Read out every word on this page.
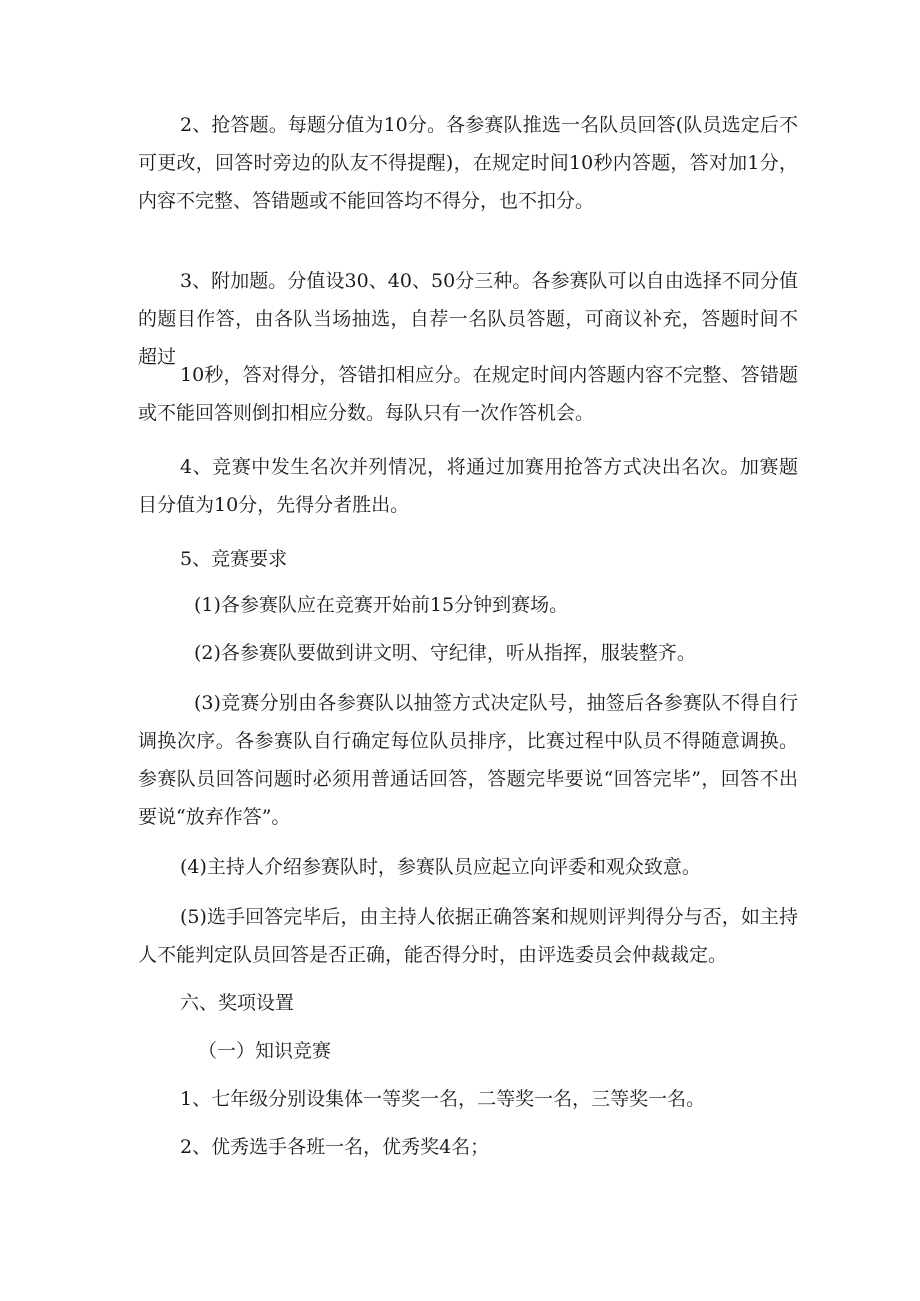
2、抢答题。每题分值为10分。各参赛队推选一名队员回答(队员选定后不可更改，回答时旁边的队友不得提醒)，在规定时间10秒内答题，答对加1分，内容不完整、答错题或不能回答均不得分，也不扣分。

3、附加题。分值设30、40、50分三种。各参赛队可以自由选择不同分值的题目作答，由各队当场抽选，自荐一名队员答题，可商议补充，答题时间不超过

10秒，答对得分，答错扣相应分。在规定时间内答题内容不完整、答错题或不能回答则倒扣相应分数。每队只有一次作答机会。

4、竞赛中发生名次并列情况，将通过加赛用抢答方式决出名次。加赛题目分值为10分，先得分者胜出。

5、竞赛要求

(1)各参赛队应在竞赛开始前15分钟到赛场。

(2)各参赛队要做到讲文明、守纪律，听从指挥，服装整齐。

(3)竞赛分别由各参赛队以抽签方式决定队号，抽签后各参赛队不得自行调换次序。各参赛队自行确定每位队员排序，比赛过程中队员不得随意调换。参赛队员回答问题时必须用普通话回答，答题完毕要说“回答完毕”，回答不出要说“放弃作答”。

(4)主持人介绍参赛队时，参赛队员应起立向评委和观众致意。

(5)选手回答完毕后，由主持人依据正确答案和规则评判得分与否，如主持人不能判定队员回答是否正确，能否得分时，由评选委员会仲裁裁定。

六、奖项设置

（一）知识竞赛

1、七年级分别设集体一等奖一名，二等奖一名，三等奖一名。

2、优秀选手各班一名，优秀奖4名；
